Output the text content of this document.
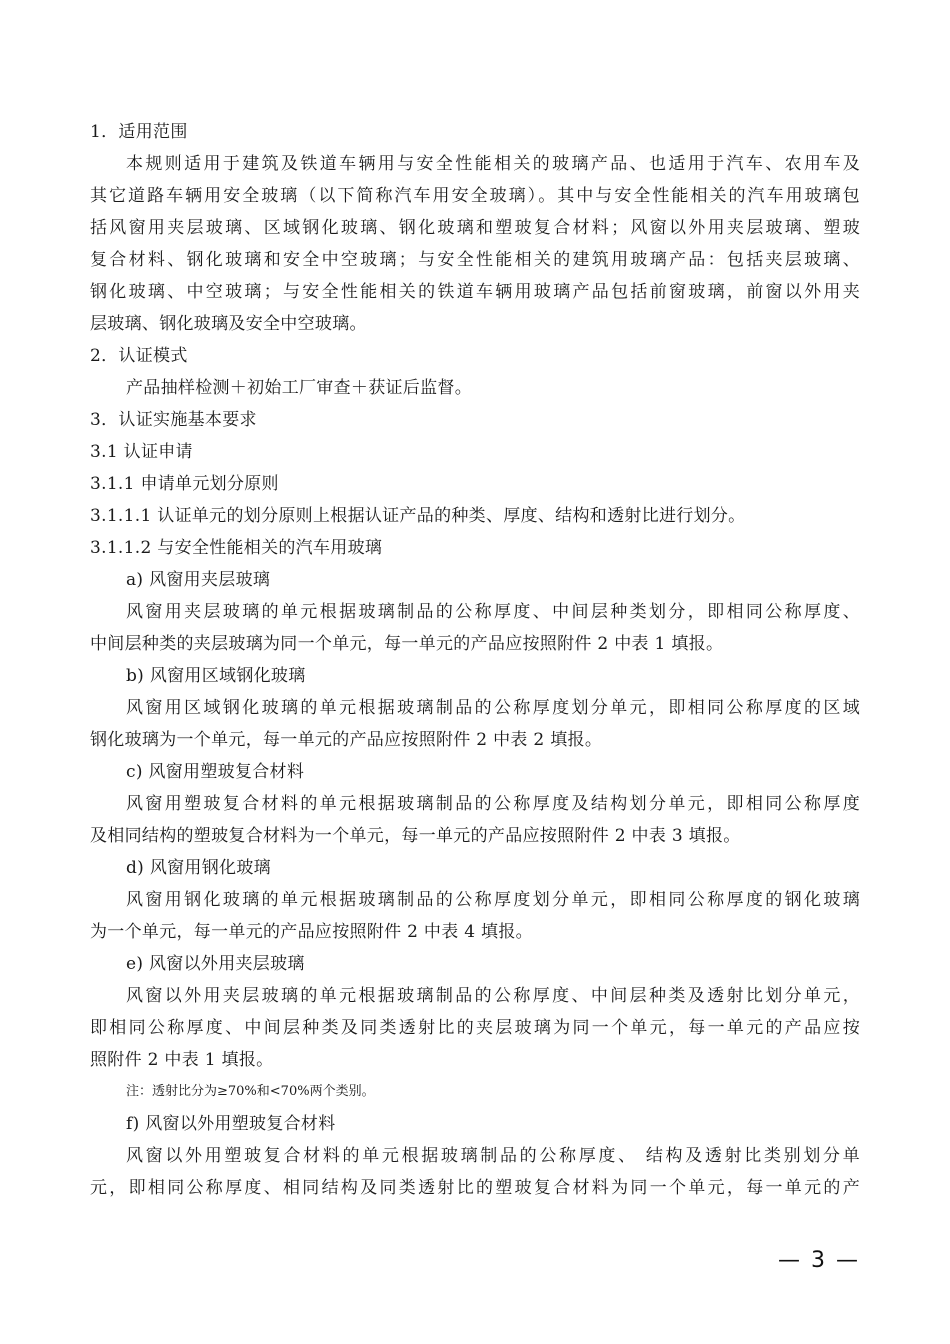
1．适用范围
本规则适用于建筑及铁道车辆用与安全性能相关的玻璃产品、也适用于汽车、农用车及
其它道路车辆用安全玻璃（以下简称汽车用安全玻璃）。其中与安全性能相关的汽车用玻璃包
括风窗用夹层玻璃、区域钢化玻璃、钢化玻璃和塑玻复合材料；风窗以外用夹层玻璃、塑玻
复合材料、钢化玻璃和安全中空玻璃；与安全性能相关的建筑用玻璃产品：包括夹层玻璃、
钢化玻璃、中空玻璃；与安全性能相关的铁道车辆用玻璃产品包括前窗玻璃，前窗以外用夹
层玻璃、钢化玻璃及安全中空玻璃。
2．认证模式
产品抽样检测＋初始工厂审查＋获证后监督。
3．认证实施基本要求
3.1 认证申请
3.1.1 申请单元划分原则
3.1.1.1 认证单元的划分原则上根据认证产品的种类、厚度、结构和透射比进行划分。
3.1.1.2 与安全性能相关的汽车用玻璃
a) 风窗用夹层玻璃
风窗用夹层玻璃的单元根据玻璃制品的公称厚度、中间层种类划分，即相同公称厚度、
中间层种类的夹层玻璃为同一个单元，每一单元的产品应按照附件 2 中表 1 填报。
b) 风窗用区域钢化玻璃
风窗用区域钢化玻璃的单元根据玻璃制品的公称厚度划分单元，即相同公称厚度的区域
钢化玻璃为一个单元，每一单元的产品应按照附件 2 中表 2 填报。
c) 风窗用塑玻复合材料
风窗用塑玻复合材料的单元根据玻璃制品的公称厚度及结构划分单元，即相同公称厚度
及相同结构的塑玻复合材料为一个单元，每一单元的产品应按照附件 2 中表 3 填报。
d) 风窗用钢化玻璃
风窗用钢化玻璃的单元根据玻璃制品的公称厚度划分单元，即相同公称厚度的钢化玻璃
为一个单元，每一单元的产品应按照附件 2 中表 4 填报。
e) 风窗以外用夹层玻璃
风窗以外用夹层玻璃的单元根据玻璃制品的公称厚度、中间层种类及透射比划分单元，
即相同公称厚度、中间层种类及同类透射比的夹层玻璃为同一个单元，每一单元的产品应按
照附件 2 中表 1 填报。
注：透射比分为≥70%和<70%两个类别。
f) 风窗以外用塑玻复合材料
风窗以外用塑玻复合材料的单元根据玻璃制品的公称厚度、 结构及透射比类别划分单
元，即相同公称厚度、相同结构及同类透射比的塑玻复合材料为同一个单元，每一单元的产
— 3 —
